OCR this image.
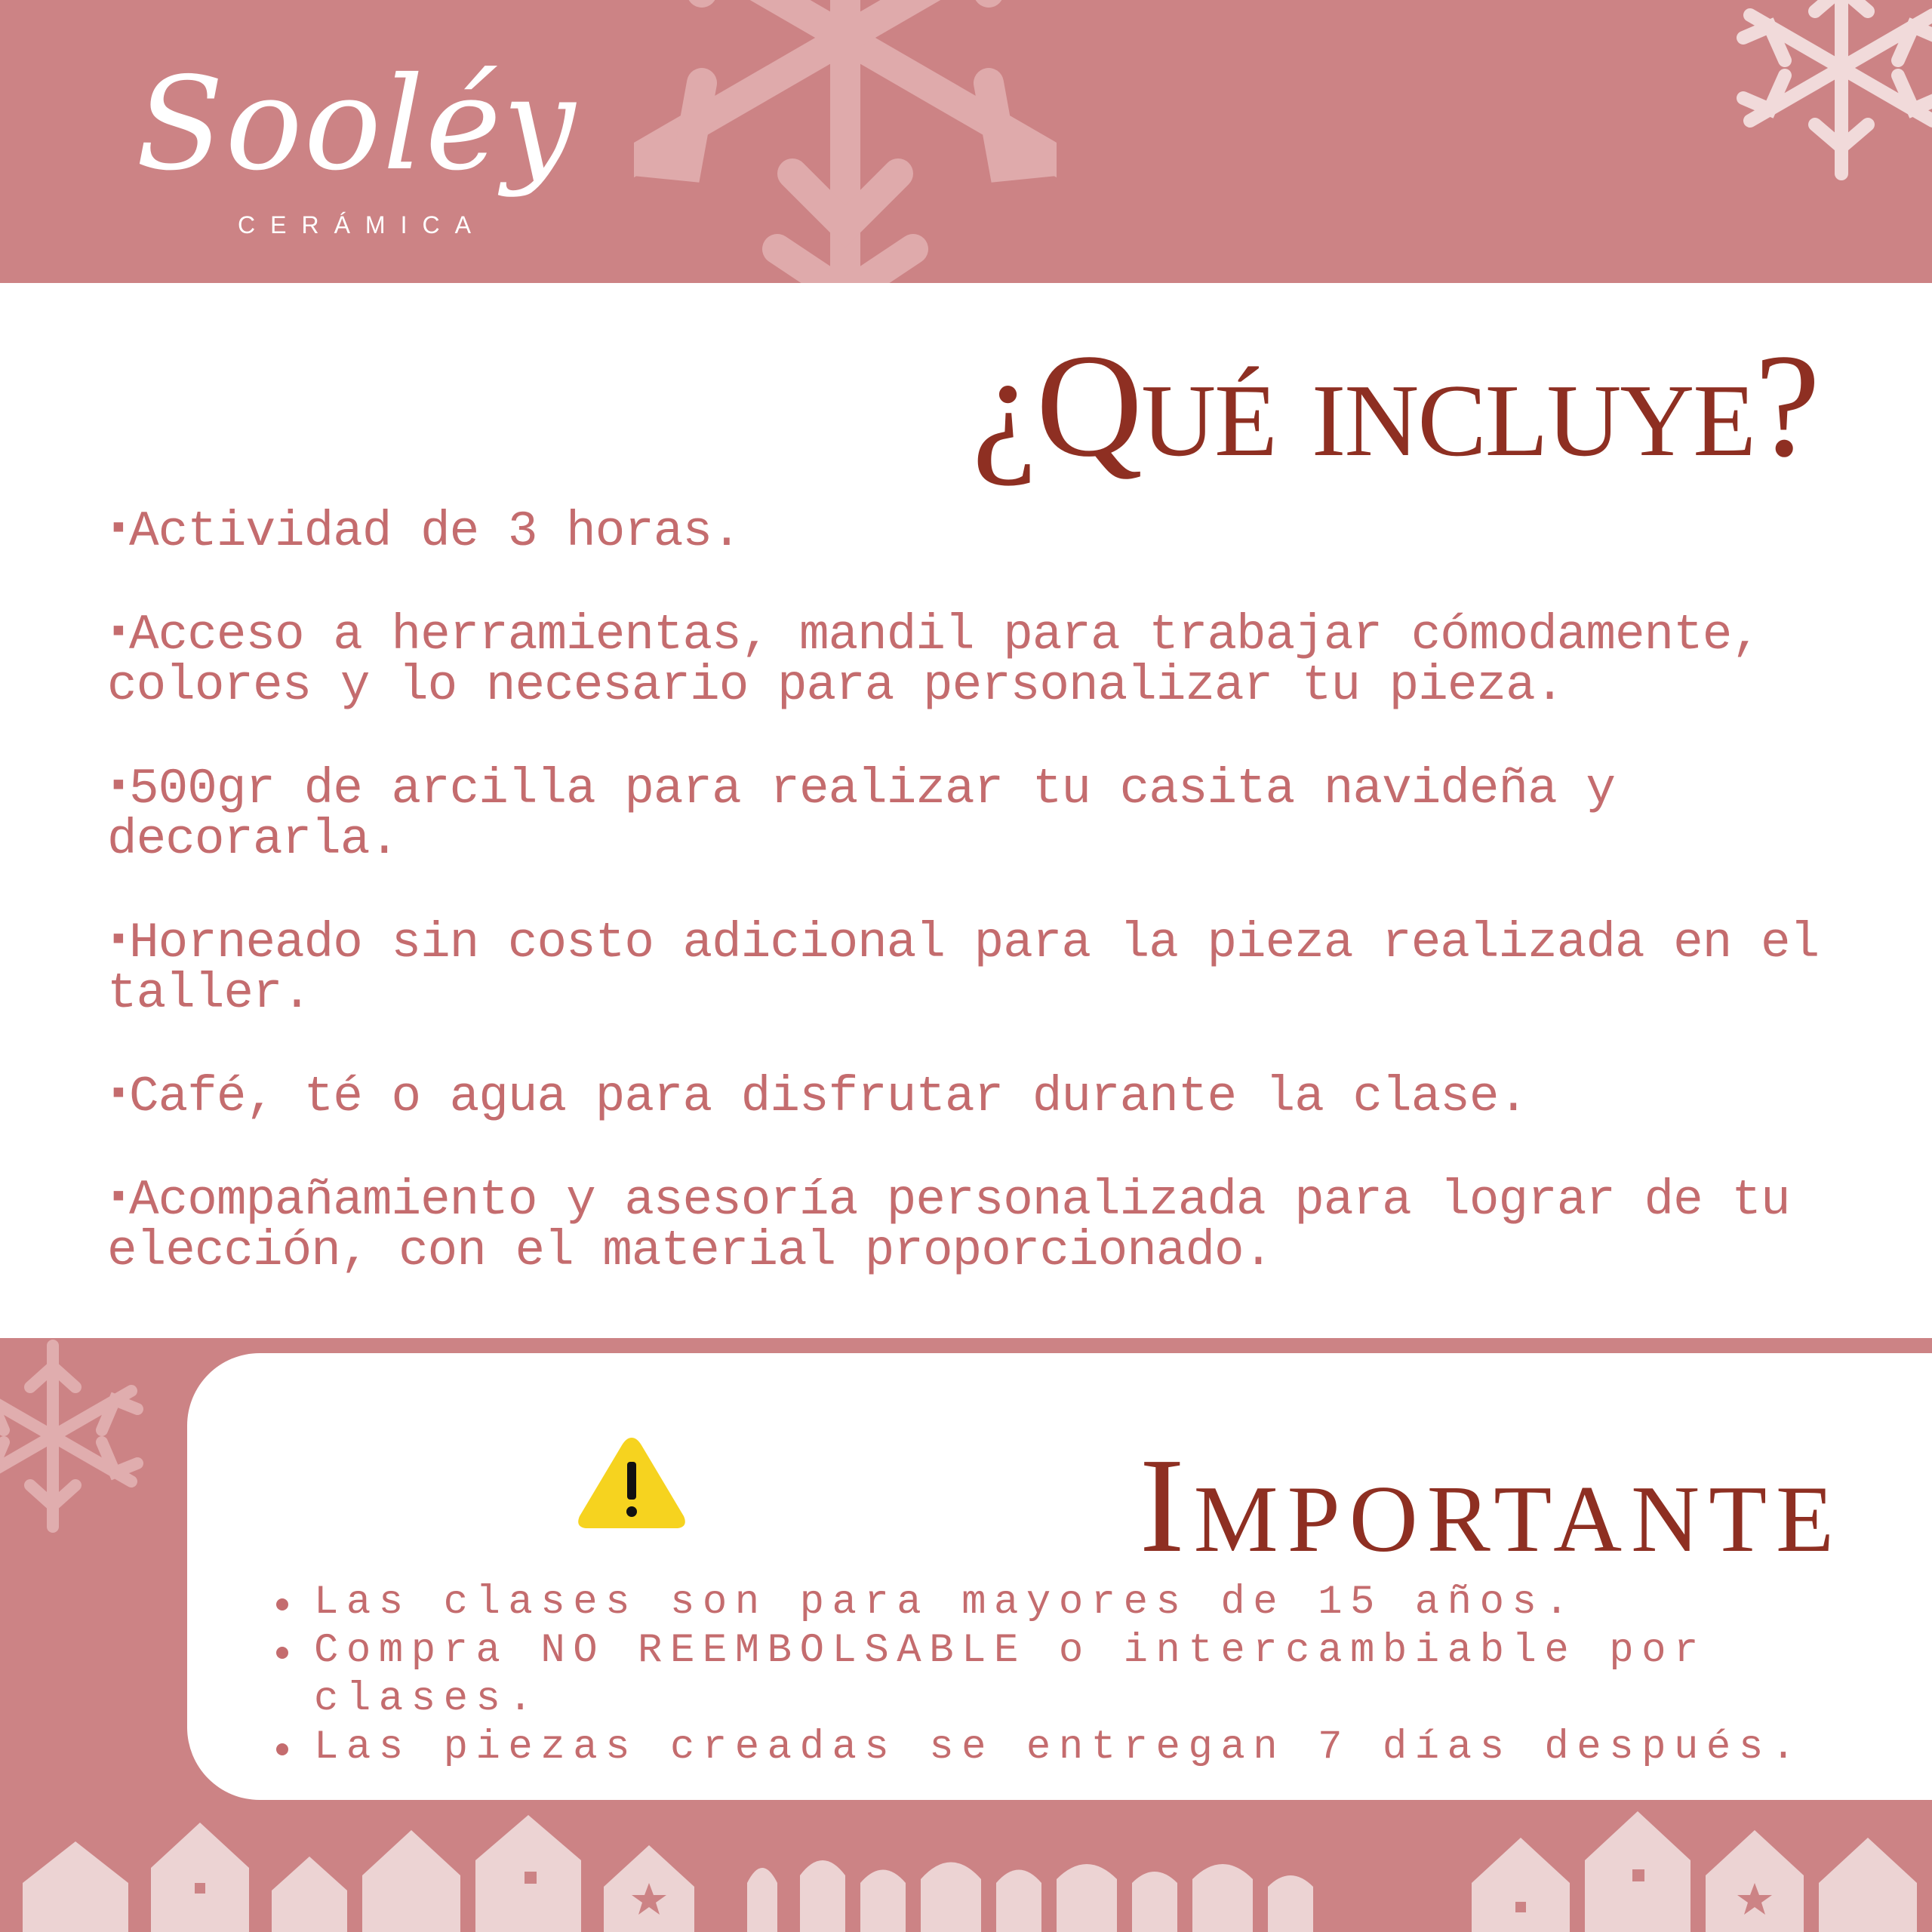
Sooléy
CERÁMICA
¿Qué incluye?
▪Actividad de 3 horas.
▪Acceso a herramientas, mandil para trabajar cómodamente, colores y lo necesario para personalizar tu pieza.
▪500gr de arcilla para realizar tu casita navideña y decorarla.
▪Horneado sin costo adicional para la pieza realizada en el taller.
▪Café, té o agua para disfrutar durante la clase.
▪Acompañamiento y asesoría personalizada para lograr de tu elección, con el material proporcionado.
Importante
Las clases son para mayores de 15 años.
Compra NO REEMBOLSABLE o intercambiable por clases.
Las piezas creadas se entregan 7 días después.
